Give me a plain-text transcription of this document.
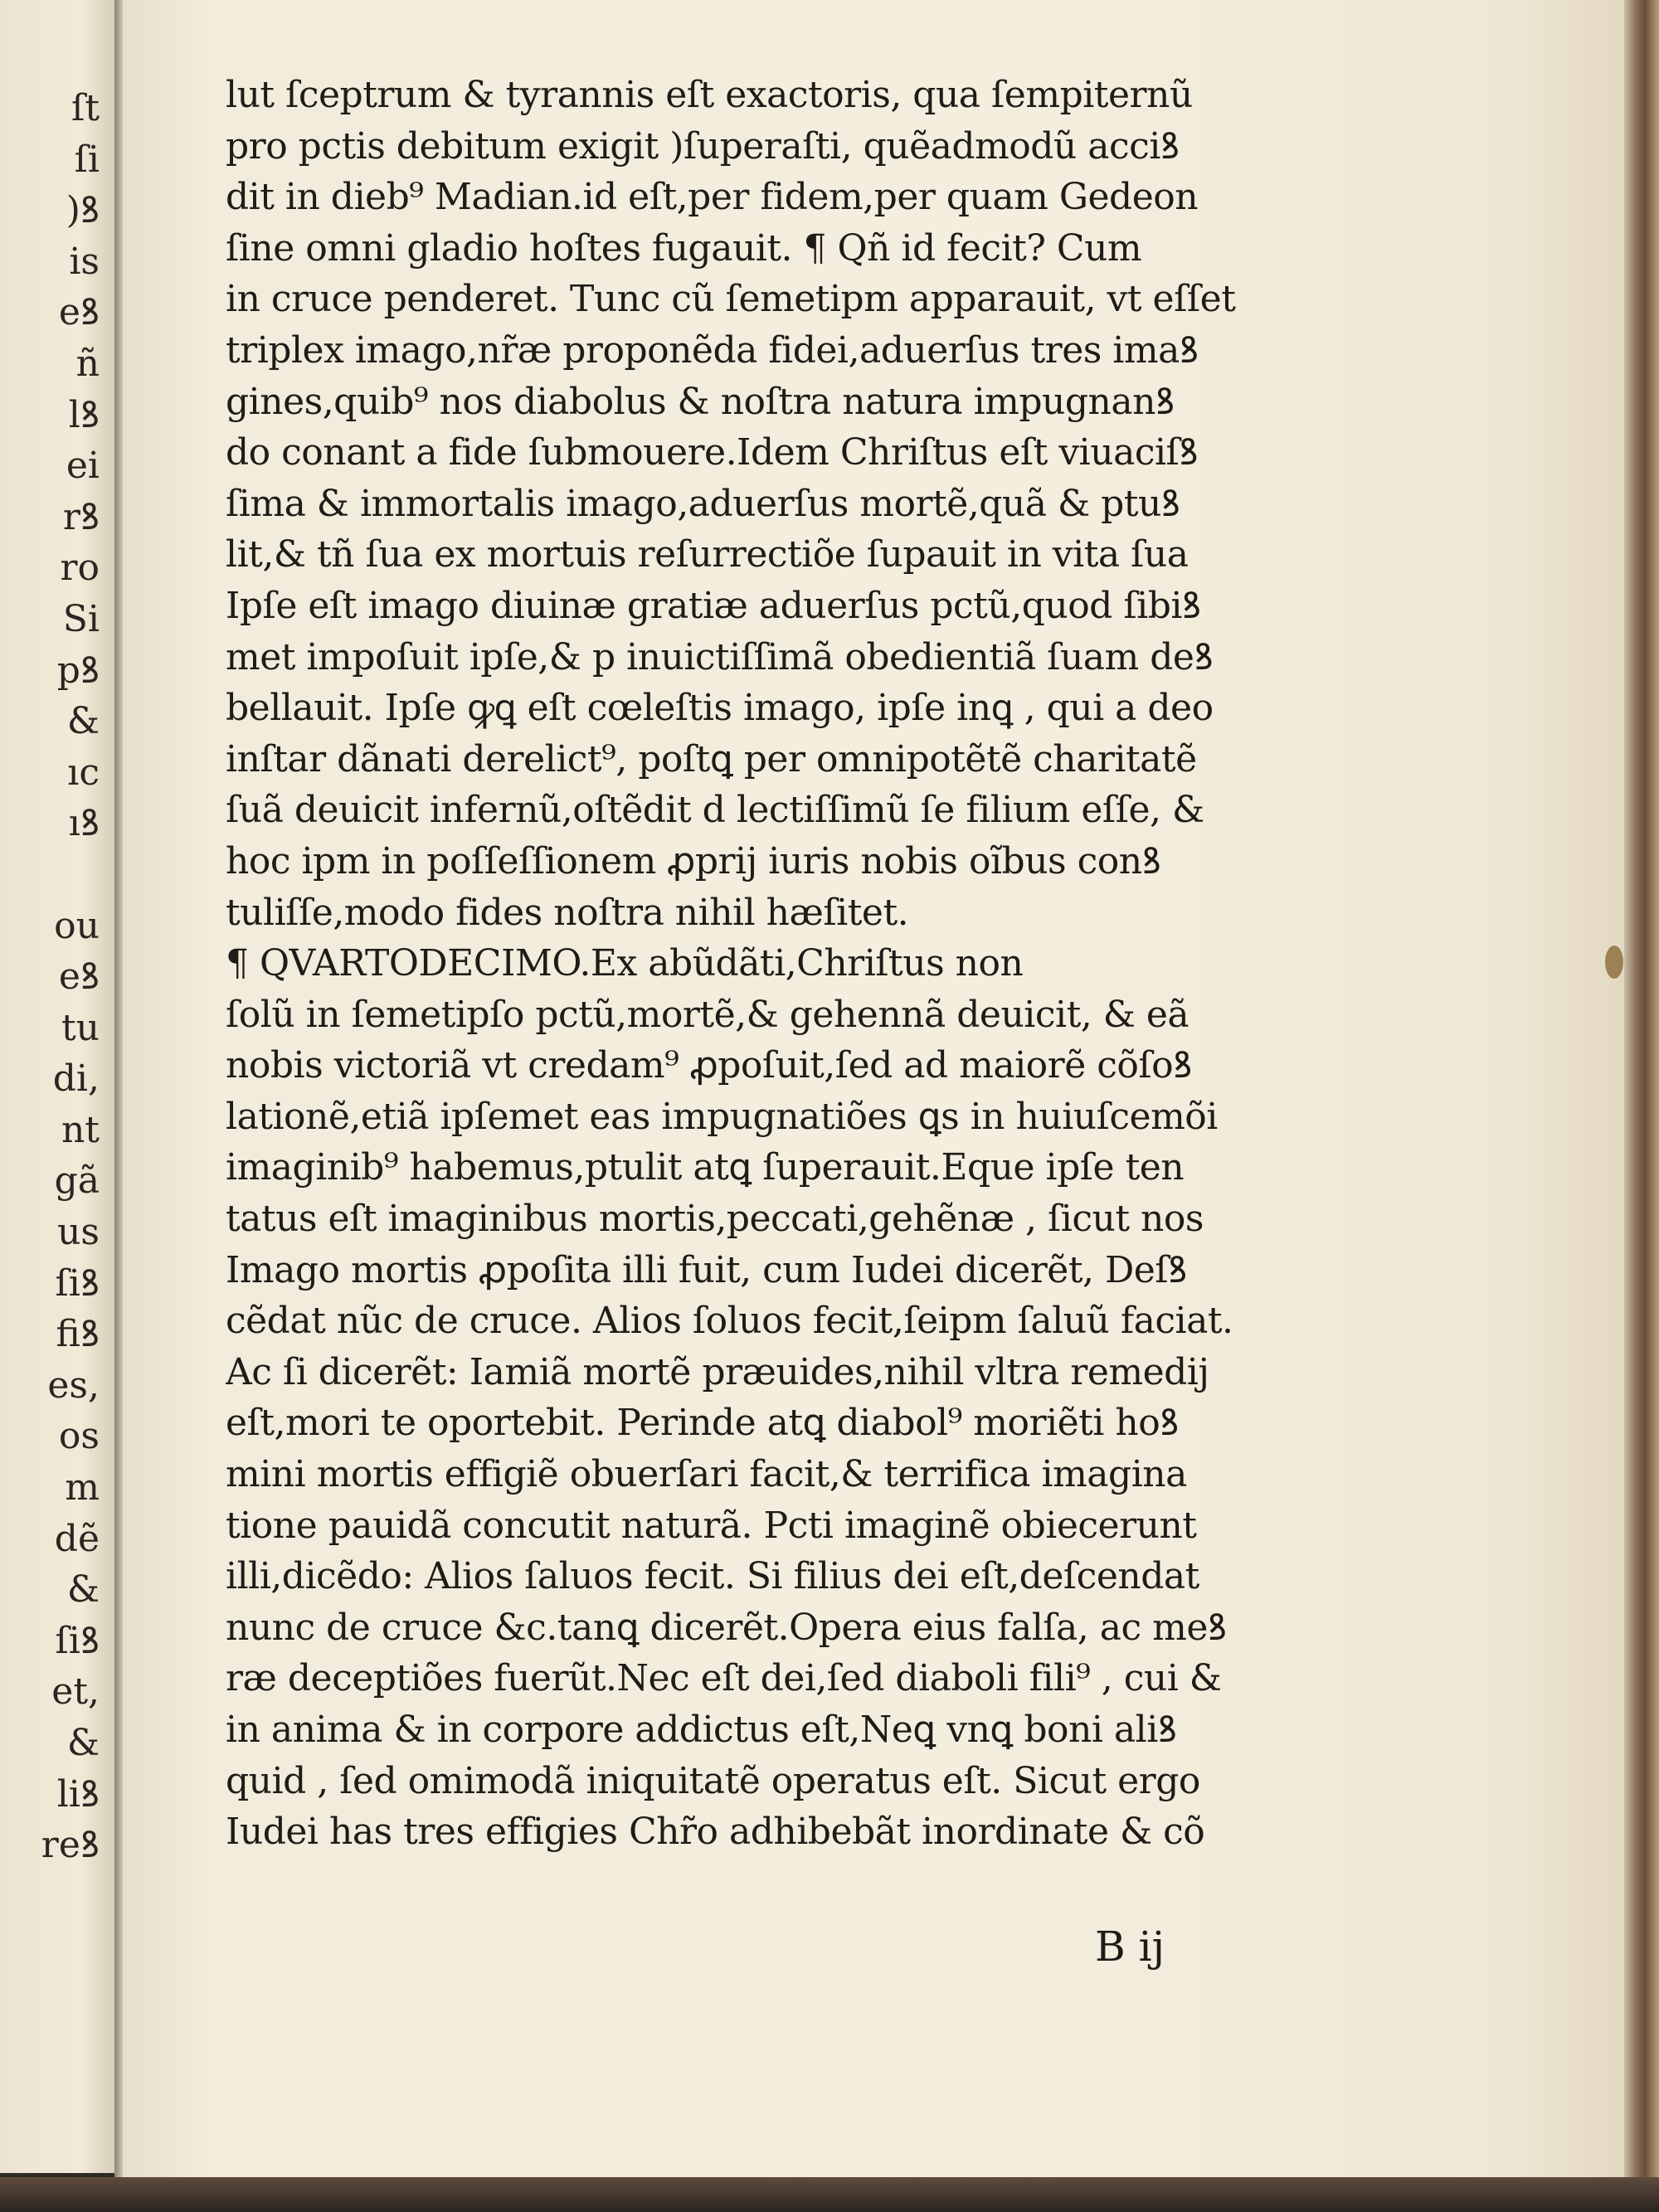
ſt
ſi
)ꝸ
is
eꝸ
ñ
lꝸ
ei
rꝸ
ro
Si
pꝸ
&
ıc
ıꝸ
ou
eꝸ
tu
di,
nt
gã
us
ſiꝸ
fiꝸ
es,
os
m
dẽ
&
ſiꝸ
et,
&
liꝸ
reꝸ
lut ſceptrum & tyrannis eſt exactoris, qua ſempiternũ
pro pctis debitum exigit )ſuperaſti, quẽadmodũ acciꝸ
dit in dieb⁹ Madian.id eſt,per fidem,per quam Gedeon
ſine omni gladio hoſtes fugauit. ¶ Qñ id fecit? Cum
in cruce penderet. Tunc cũ ſemetipm apparauit, vt eſſet
triplex imago,nr̃æ proponẽda fidei,aduerſus tres imaꝸ
gines,quib⁹ nos diabolus & noſtra natura impugnanꝸ
do conant a fide ſubmouere.Idem Chriſtus eſt viuaciſꝸ
ſima & immortalis imago,aduerſus mortẽ,quã & ptuꝸ
lit,& tñ ſua ex mortuis reſurrectiõe ſupauit in vita ſua
Ipſe eſt imago diuinæ gratiæ aduerſus pctũ,quod ſibiꝸ
met impoſuit ipſe,& p inuictiſſimã obedientiã ſuam deꝸ
bellauit. Ipſe ꝙꝗ eſt cœleſtis imago, ipſe inꝗ , qui a deo
inſtar dãnati derelict⁹, poſtꝗ per omnipotẽtẽ charitatẽ
ſuã deuicit infernũ,oſtẽdit d lectiſſimũ ſe filium eſſe, &
hoc ipm in poſſeſſionem ꝓprij iuris nobis oĩbus conꝸ
tuliſſe,modo fides noſtra nihil hæſitet.
¶ QVARTODECIMO.Ex abũdãti,Chriſtus non
ſolũ in ſemetipſo pctũ,mortẽ,& gehennã deuicit, & eã
nobis victoriã vt credam⁹ ꝓpoſuit,ſed ad maiorẽ cõſoꝸ
lationẽ,etiã ipſemet eas impugnatiões ꝗs in huiuſcemõi
imaginib⁹ habemus,ptulit atꝗ ſuperauit.Eque ipſe ten
tatus eſt imaginibus mortis,peccati,gehẽnæ , ſicut nos
Imago mortis ꝓpoſita illi fuit, cum Iudei dicerẽt, Deſꝸ
cẽdat nũc de cruce. Alios ſoluos fecit,ſeipm ſaluũ faciat.
Ac ſi dicerẽt: Iamiã mortẽ præuides,nihil vltra remedij
eſt,mori te oportebit. Perinde atꝗ diabol⁹ moriẽti hoꝸ
mini mortis effigiẽ obuerſari facit,& terrifica imagina
tione pauidã concutit naturã. Pcti imaginẽ obiecerunt
illi,dicẽdo: Alios ſaluos fecit. Si filius dei eſt,deſcendat
nunc de cruce &c.tanꝗ dicerẽt.Opera eius falſa, ac meꝸ
ræ deceptiões fuerũt.Nec eſt dei,ſed diaboli fili⁹ , cui &
in anima & in corpore addictus eſt,Neꝗ vnꝗ boni aliꝸ
quid , ſed omimodã iniquitatẽ operatus eſt. Sicut ergo
Iudei has tres effigies Chr̃o adhibebãt inordinate & cõ
B ij
